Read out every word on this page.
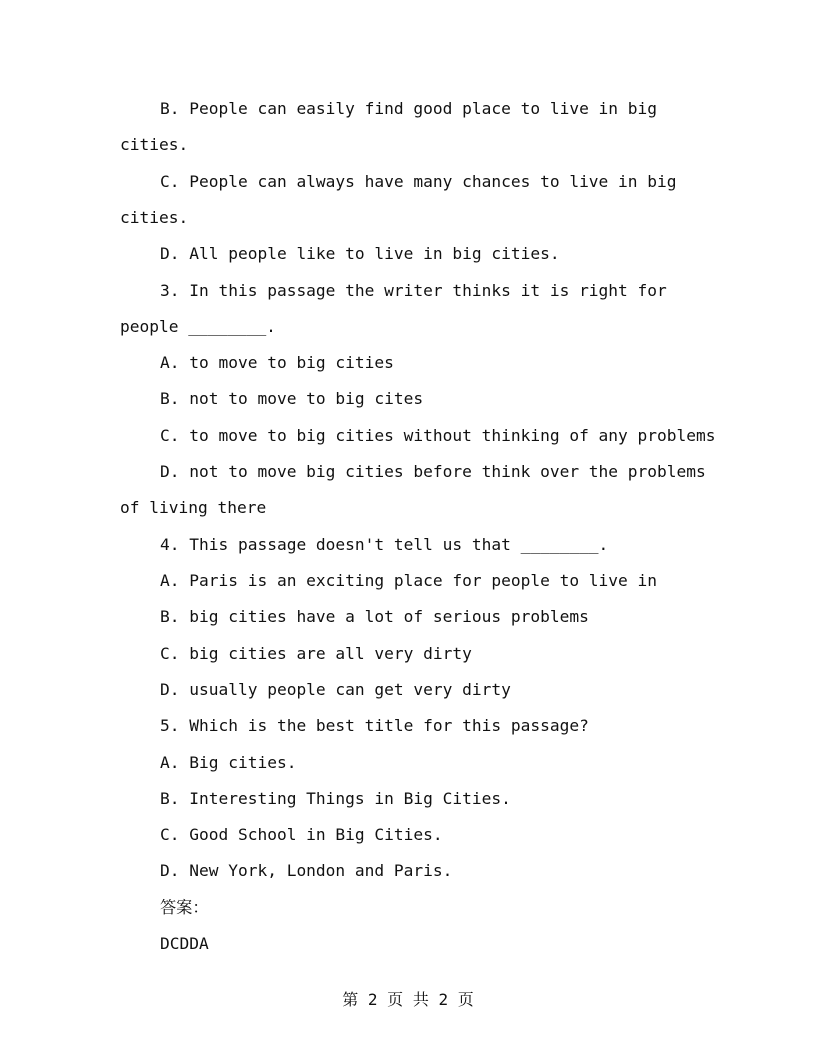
B. People can easily find good place to live in big
cities.
C. People can always have many chances to live in big
cities.
D. All people like to live in big cities.
3. In this passage the writer thinks it is right for
people ________.
A. to move to big cities
B. not to move to big cites
C. to move to big cities without thinking of any problems
D. not to move big cities before think over the problems
of living there
4. This passage doesn't tell us that ________.
A. Paris is an exciting place for people to live in
B. big cities have a lot of serious problems
C. big cities are all very dirty
D. usually people can get very dirty
5. Which is the best title for this passage?
A. Big cities.
B. Interesting Things in Big Cities.
C. Good School in Big Cities.
D. New York, London and Paris.
答案：
DCDDA
第 2 页 共 2 页
